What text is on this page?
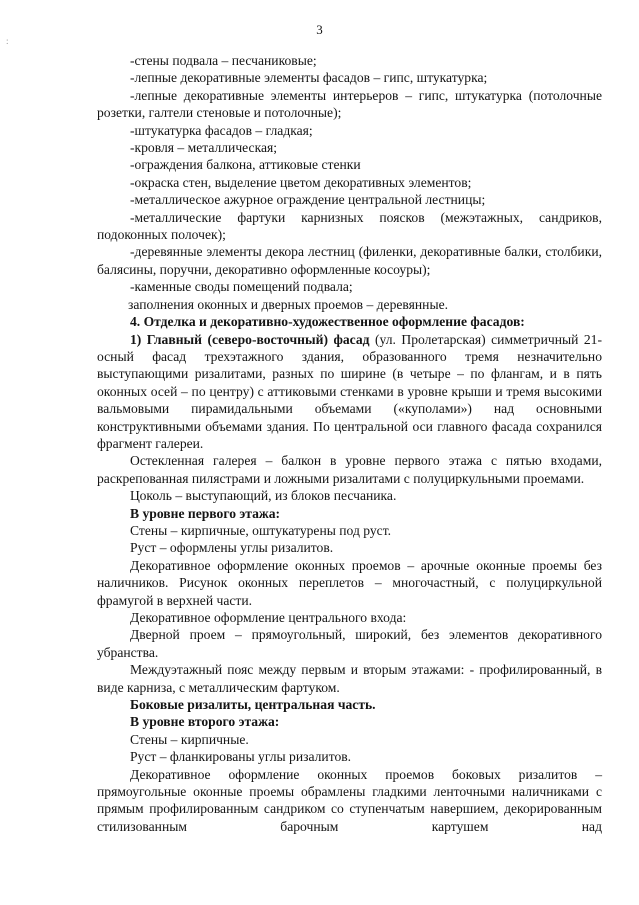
:
3

-стены подвала – песчаниковые;

-лепные декоративные элементы фасадов – гипс, штукатурка;

-лепные декоративные элементы интерьеров – гипс, штукатурка (потолочные розетки, галтели стеновые и потолочные);

-штукатурка фасадов – гладкая;

-кровля – металлическая;

-ограждения балкона, аттиковые стенки

-окраска стен, выделение цветом декоративных элементов;

-металлическое ажурное ограждение центральной лестницы;

-металлические фартуки карнизных поясков (межэтажных, сандриков, подоконных полочек);

-деревянные элементы декора лестниц (филенки, декоративные балки, столбики, балясины, поручни, декоративно оформленные косоуры);

-каменные своды помещений подвала;

заполнения оконных и дверных проемов – деревянные.

4. Отделка и декоративно-художественное оформление фасадов:

1) Главный (северо-восточный) фасад (ул. Пролетарская) симметричный 21-осный фасад трехэтажного здания, образованного тремя незначительно выступающими ризалитами, разных по ширине (в четыре – по флангам, и в пять оконных осей – по центру) с аттиковыми стенками в уровне крыши и тремя высокими вальмовыми пирамидальными объемами («куполами») над основными конструктивными объемами здания. По центральной оси главного фасада сохранился фрагмент галереи.

Остекленная галерея – балкон в уровне первого этажа с пятью входами, раскрепованная пилястрами и ложными ризалитами с полуциркульными проемами.

Цоколь – выступающий, из блоков песчаника.

В уровне первого этажа:

Стены – кирпичные, оштукатурены под руст.

Руст – оформлены углы ризалитов.

Декоративное оформление оконных проемов – арочные оконные проемы без наличников. Рисунок оконных переплетов – многочастный, с полуциркульной фрамугой в верхней части.

Декоративное оформление центрального входа:

Дверной проем – прямоугольный, широкий, без элементов декоративного убранства.

Междуэтажный пояс между первым и вторым этажами: - профилированный, в виде карниза, с металлическим фартуком.

Боковые ризалиты, центральная часть.

В уровне второго этажа:

Стены – кирпичные.

Руст – фланкированы углы ризалитов.

Декоративное оформление оконных проемов боковых ризалитов – прямоугольные оконные проемы обрамлены гладкими ленточными наличниками с прямым профилированным сандриком со ступенчатым навершием, декорированным стилизованным барочным картушем над
